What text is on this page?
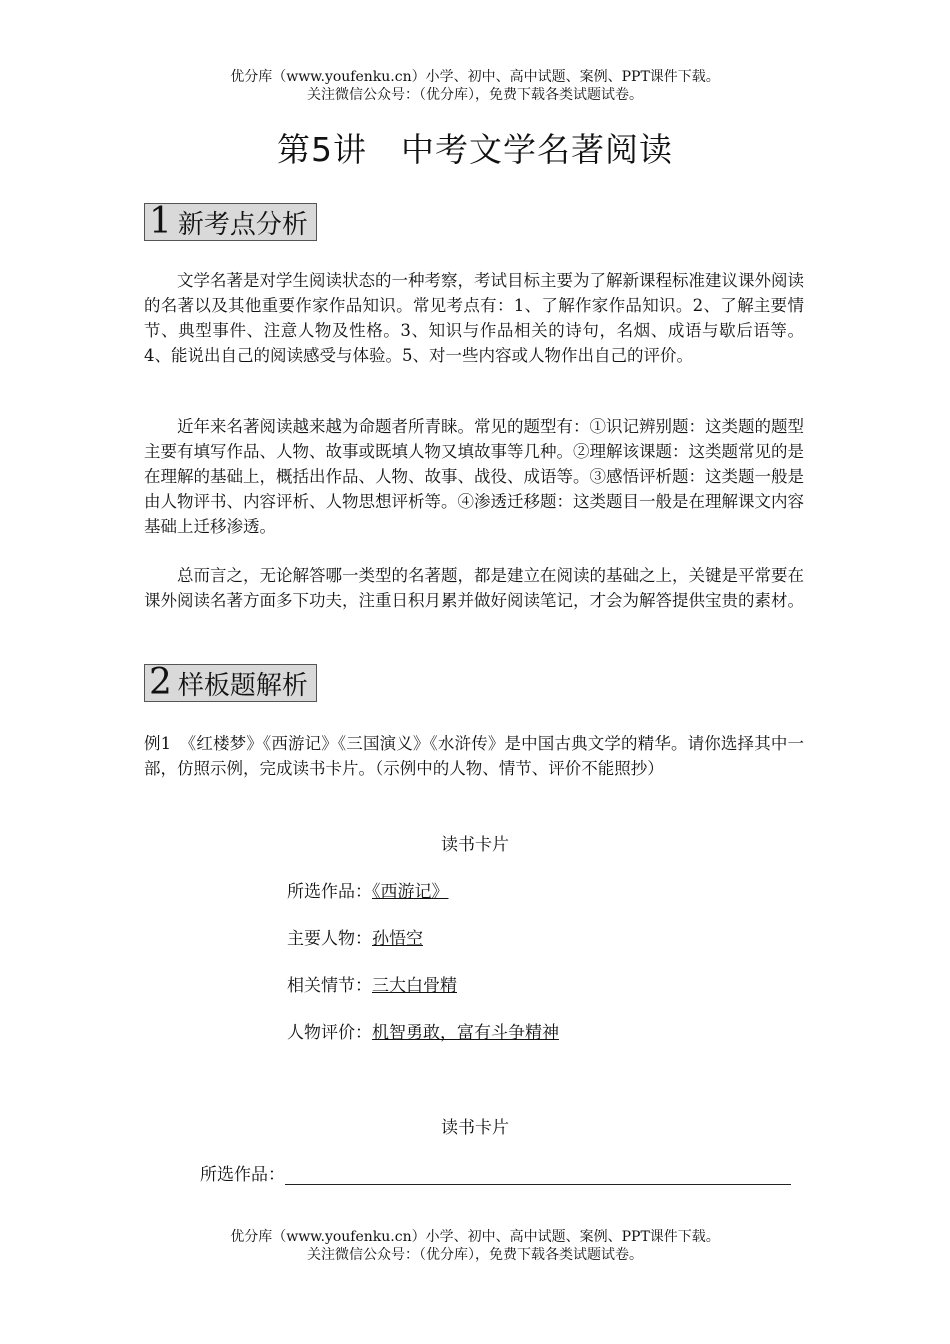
优分库（www.youfenku.cn）小学、初中、高中试题、案例、PPT课件下载。
关注微信公众号：（优分库），免费下载各类试题试卷。
第5讲　中考文学名著阅读
1 新考点分析

文学名著是对学生阅读状态的一种考察，考试目标主要为了解新课程标准建议课外阅读的名著以及其他重要作家作品知识。常见考点有：1、了解作家作品知识。2、了解主要情节、典型事件、注意人物及性格。3、知识与作品相关的诗句，名烟、成语与歇后语等。4、能说出自己的阅读感受与体验。5、对一些内容或人物作出自己的评价。

近年来名著阅读越来越为命题者所青睐。常见的题型有：①识记辨别题：这类题的题型主要有填写作品、人物、故事或既填人物又填故事等几种。②理解该课题：这类题常见的是在理解的基础上，概括出作品、人物、故事、战役、成语等。③感悟评析题：这类题一般是由人物评书、内容评析、人物思想评析等。④渗透迁移题：这类题目一般是在理解课文内容基础上迁移渗透。

总而言之，无论解答哪一类型的名著题，都是建立在阅读的基础之上，关键是平常要在课外阅读名著方面多下功夫，注重日积月累并做好阅读笔记，才会为解答提供宝贵的素材。

2 样板题解析

例1　《红楼梦》《西游记》《三国演义》《水浒传》是中国古典文学的精华。请你选择其中一部，仿照示例，完成读书卡片。（示例中的人物、情节、评价不能照抄）

读书卡片
所选作品：《西游记》
主要人物：孙悟空
相关情节：三大白骨精
人物评价：机智勇敢，富有斗争精神
读书卡片
所选作品：
优分库（www.youfenku.cn）小学、初中、高中试题、案例、PPT课件下载。
关注微信公众号：（优分库），免费下载各类试题试卷。
